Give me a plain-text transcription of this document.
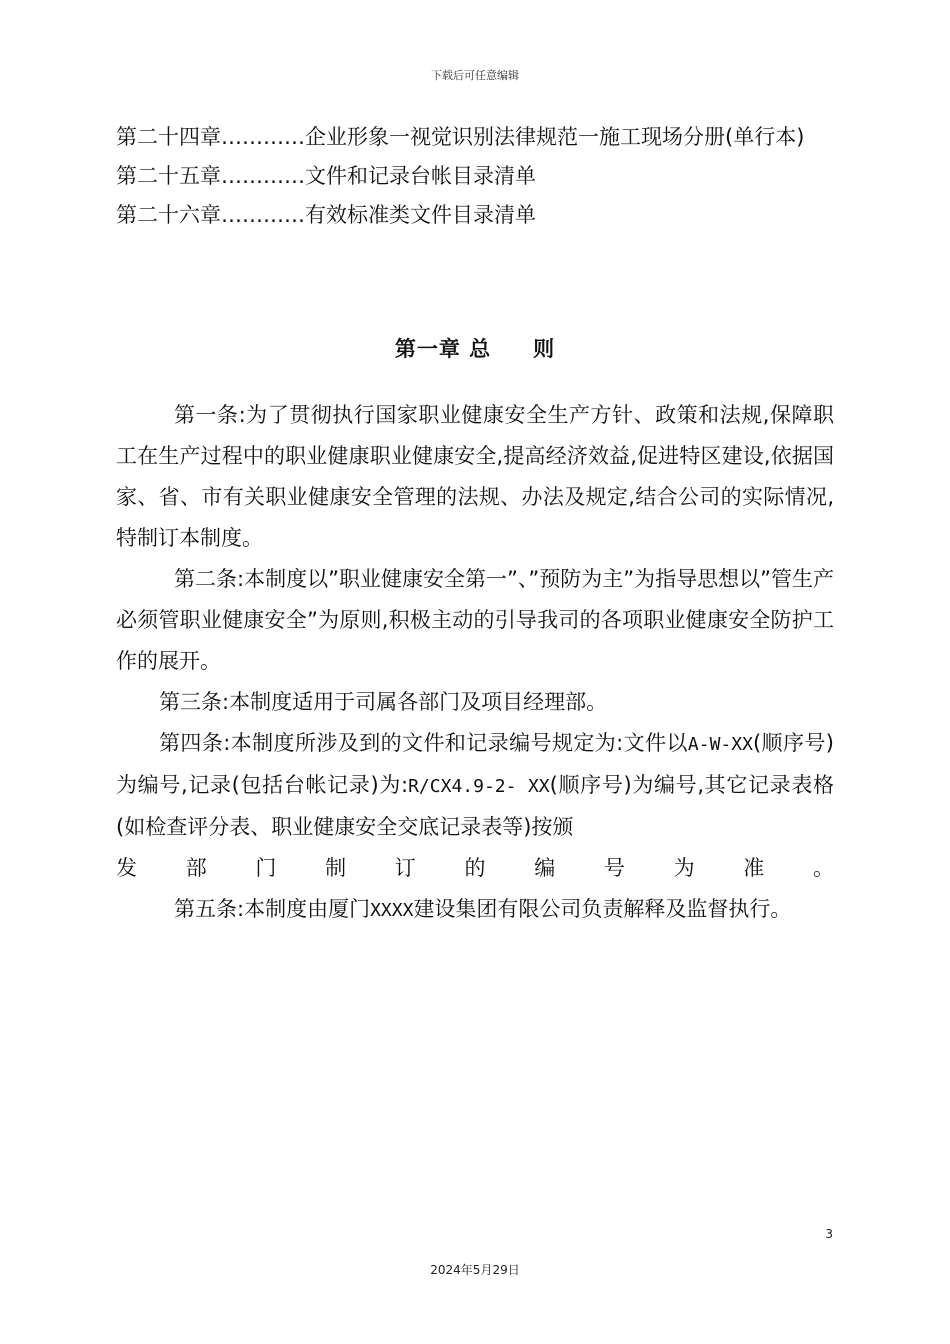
下载后可任意编辑
第二十四章…………企业形象一视觉识别法律规范一施工现场分册(单行本)
第二十五章…………文件和记录台帐目录清单
第二十六章…………有效标准类文件目录清单
第一章 总 则

第一条:为了贯彻执行国家职业健康安全生产方针、政策和法规,保障职工在生产过程中的职业健康职业健康安全,提高经济效益,促进特区建设,依据国家、省、市有关职业健康安全管理的法规、办法及规定,结合公司的实际情况,特制订本制度。

第二条:本制度以”职业健康安全第一”、”预防为主”为指导思想以”管生产必须管职业健康安全”为原则,积极主动的引导我司的各项职业健康安全防护工作的展开。

第三条:本制度适用于司属各部门及项目经理部。

第四条:本制度所涉及到的文件和记录编号规定为:文件以A-W-XX(顺序号)为编号,记录(包括台帐记录)为:R/CX4.9-2- XX(顺序号)为编号,其它记录表格(如检查评分表、职业健康安全交底记录表等)按颁

发部门制订的编号为准。

第五条:本制度由厦门XXXX建设集团有限公司负责解释及监督执行。

3
2024年5月29日
